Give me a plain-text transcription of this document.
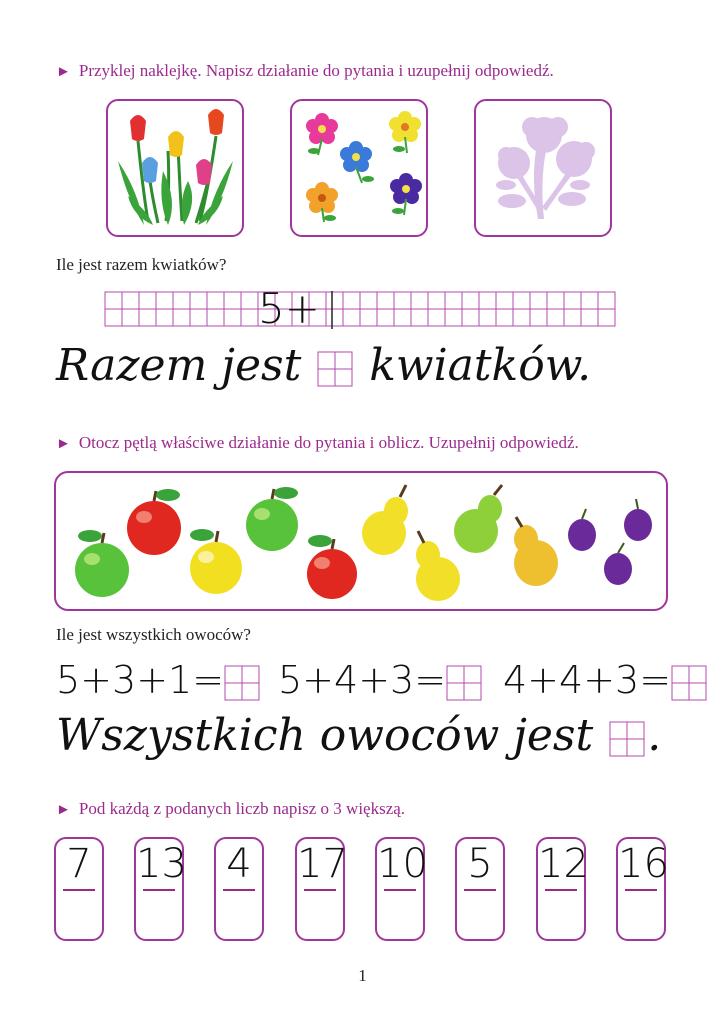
► Przyklej naklejkę. Napisz działanie do pytania i uzupełnij odpowiedź.
Ile jest razem kwiatków?
5+
Razem jest kwiatków.
► Otocz pętlą właściwe działanie do pytania i oblicz. Uzupełnij odpowiedź.
Ile jest wszystkich owoców?
5+3+1=	5+4+3=	4+4+3=
Wszystkich owoców jest .
► Pod każdą z podanych liczb napisz o 3 większą.
7 13 4 17 10 5 12 16
1
